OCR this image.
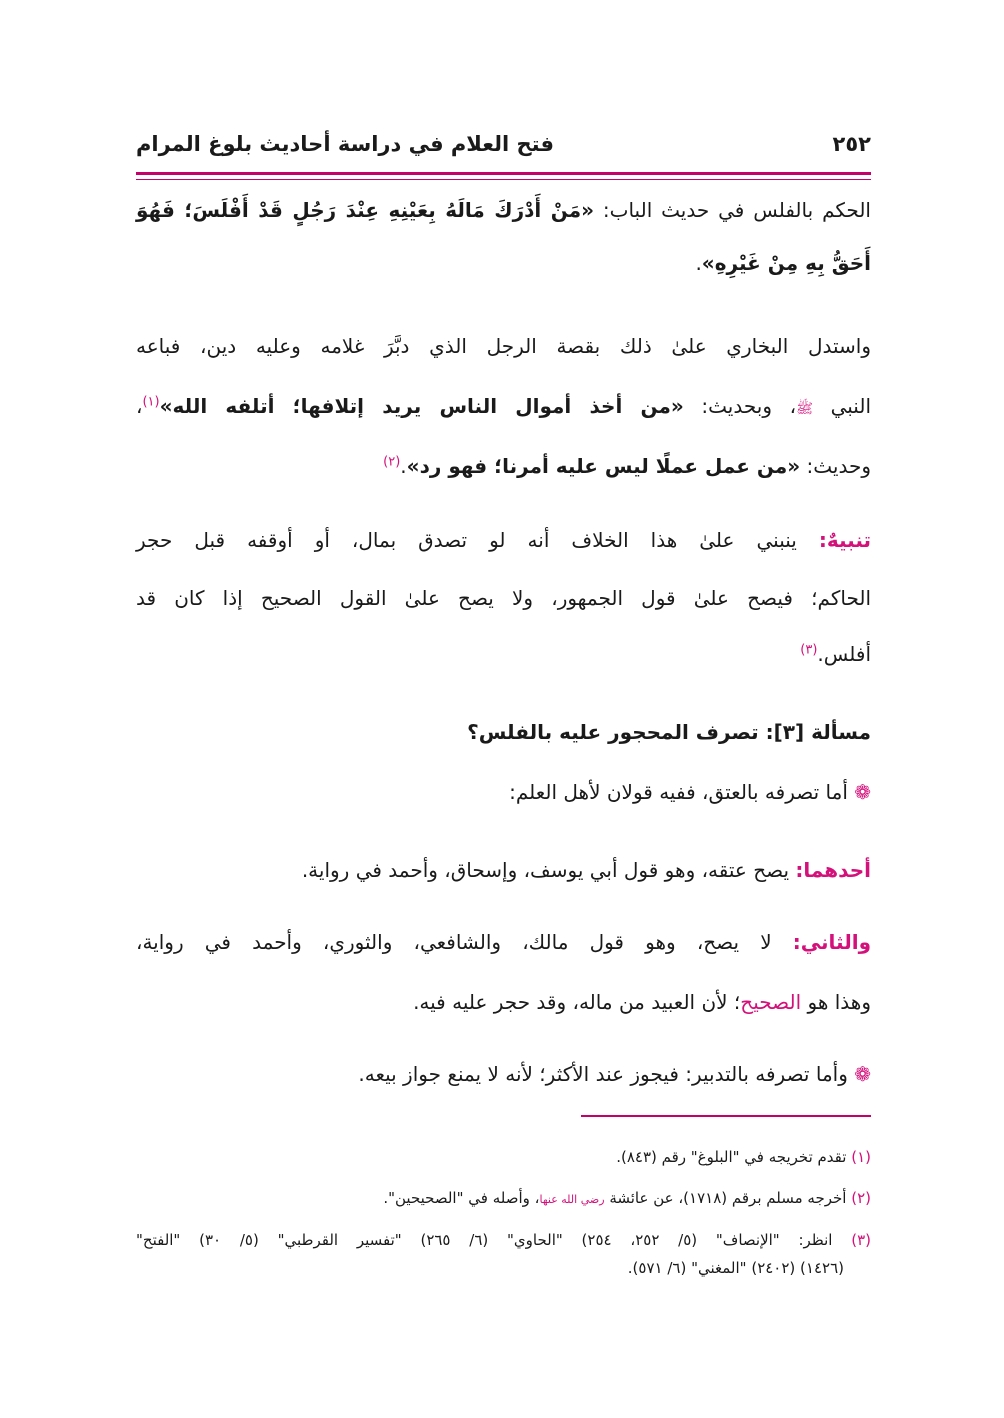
٢٥٢
فتح العلام في دراسة أحاديث بلوغ المرام
الحكم بالفلس في حديث الباب: «مَنْ أَدْرَكَ مَالَهُ بِعَيْنِهِ عِنْدَ رَجُلٍ قَدْ أَفْلَسَ؛ فَهُوَ
أَحَقُّ بِهِ مِنْ غَيْرِهِ».
واستدل البخاري علىٰ ذلك بقصة الرجل الذي دبَّرَ غلامه وعليه دين، فباعه
النبي ﷺ، وبحديث: «من أخذ أموال الناس يريد إتلافها؛ أتلفه الله»$^{(١)}$،
وحديث: «من عمل عملًا ليس عليه أمرنا؛ فهو رد».$^{(٢)}$
تنبيهٌ: ينبني علىٰ هذا الخلاف أنه لو تصدق بمال، أو أوقفه قبل حجر
الحاكم؛ فيصح علىٰ قول الجمهور، ولا يصح علىٰ القول الصحيح إذا كان قد
أفلس.$^{(٣)}$
مسألة [٣]: تصرف المحجور عليه بالفلس؟
❁ أما تصرفه بالعتق، ففيه قولان لأهل العلم:
أحدهما: يصح عتقه، وهو قول أبي يوسف، وإسحاق، وأحمد في رواية.
والثاني: لا يصح، وهو قول مالك، والشافعي، والثوري، وأحمد في رواية،
وهذا هو الصحيح؛ لأن العبيد من ماله، وقد حجر عليه فيه.
❁ وأما تصرفه بالتدبير: فيجوز عند الأكثر؛ لأنه لا يمنع جواز بيعه.
(١) تقدم تخريجه في "البلوغ" رقم (٨٤٣).
(٢) أخرجه مسلم برقم (١٧١٨)، عن عائشة رضي الله عنها، وأصله في "الصحيحين".
(٣) انظر: "الإنصاف" (٥/ ٢٥٢، ٢٥٤) "الحاوي" (٦/ ٢٦٥) "تفسير القرطبي" (٥/ ٣٠) "الفتح"
(١٤٢٦) (٢٤٠٢) "المغني" (٦/ ٥٧١).
